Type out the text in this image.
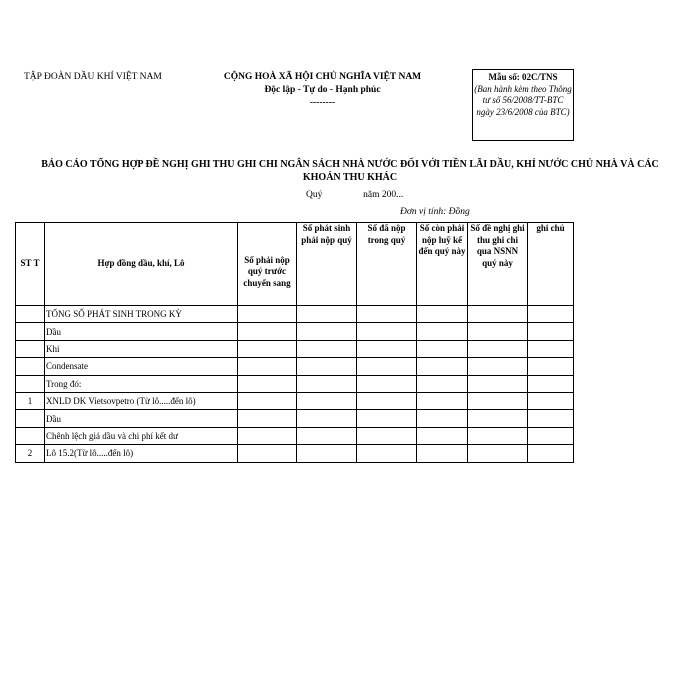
TẬP ĐOÀN DẦU KHÍ VIỆT NAM	CỘNG HOÀ XÃ HỘI CHỦ NGHĨA VIỆT NAM
Độc lập - Tự do - Hạnh phúc
--------
Mẫu số: 02C/TNS
(Ban hành kèm theo Thông tư số 56/2008/TT-BTC ngày 23/6/2008 của BTC)
BÁO CÁO TỔNG HỢP ĐỀ NGHỊ GHI THU GHI CHI NGÂN SÁCH NHÀ NƯỚC ĐỐI VỚI TIỀN LÃI DẦU, KHÍ NƯỚC CHỦ NHÀ VÀ CÁC KHOẢN THU KHÁC
Quý	năm 200...
Đơn vị tính: Đồng
ST T	Hợp đồng dầu, khí, Lô	Số phải nộp quý trước chuyển sang	Số phát sinh phải nộp quý	Số đã nộp trong quý	Số còn phải nộp luỹ kế đến quý này	Số đề nghị ghi thu ghi chi qua NSNN quý này	ghi chú
	TỔNG SỐ PHÁT SINH TRONG KỲ						
	Dầu						
	Khí						
	Condensate						
	Trong đó:						
1	XNLD DK Vietsovpetro (Từ lô.....đến lô)						
	Dầu						
	Chênh lệch giá dầu và chi phí kết dư						
2	Lô 15.2(Từ lô.....đến lô)						
